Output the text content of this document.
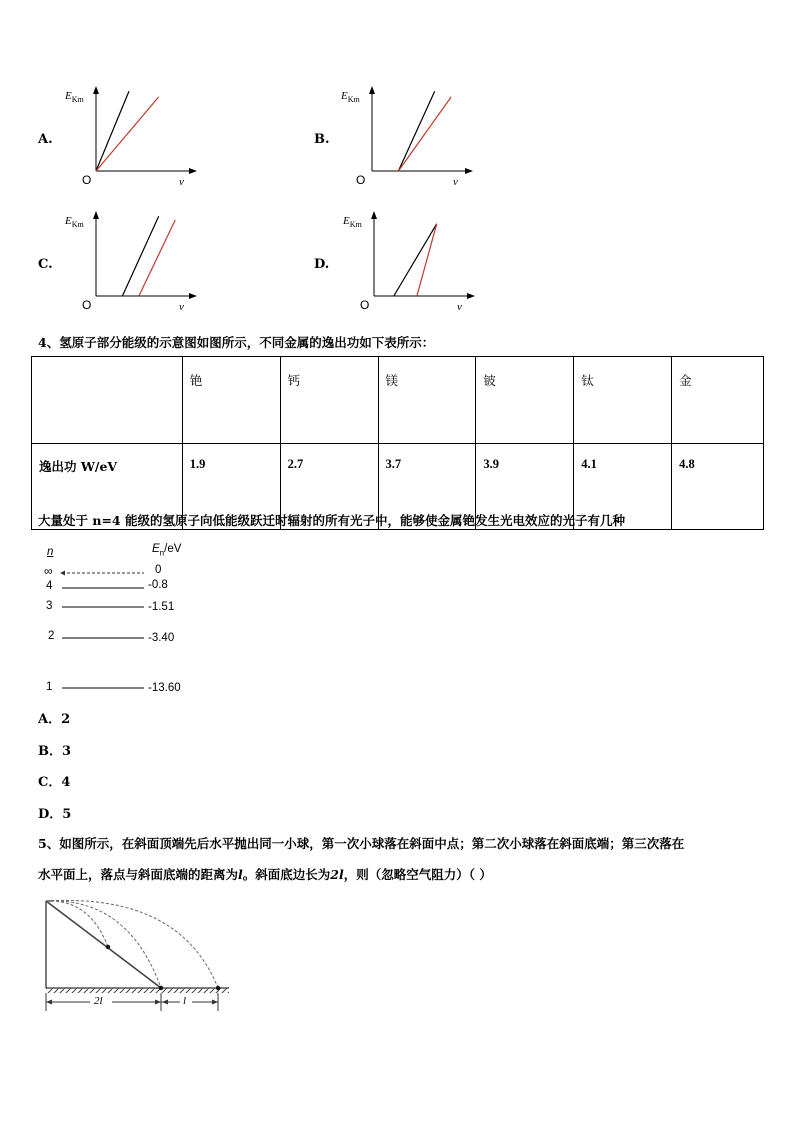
A.
$E_{Km}$
O	ν
B.
$E_{Km}$
O	ν
C.
$E_{Km}$
O	ν
D.
$E_{Km}$
O	ν
4、氢原子部分能级的示意图如图所示，不同金属的逸出功如下表所示：
	铯	钙	镁	铍	钛	金
逸出功 W/eV	1.9	2.7	3.7	3.9	4.1	4.8
大量处于 n=4 能级的氢原子向低能级跃迁时辐射的所有光子中，能够使金属铯发生光电效应的光子有几种
n	$E_n/eV$
∞	0
4	-0.8
3	-1.51
2	-3.40
1	-13.60
A．2
B．3
C．4
D．5
5、如图所示，在斜面顶端先后水平抛出同一小球，第一次小球落在斜面中点；第二次小球落在斜面底端；第三次落在
水平面上，落点与斜面底端的距离为l。斜面底边长为2l，则（忽略空气阻力）（ ）
2l	l
